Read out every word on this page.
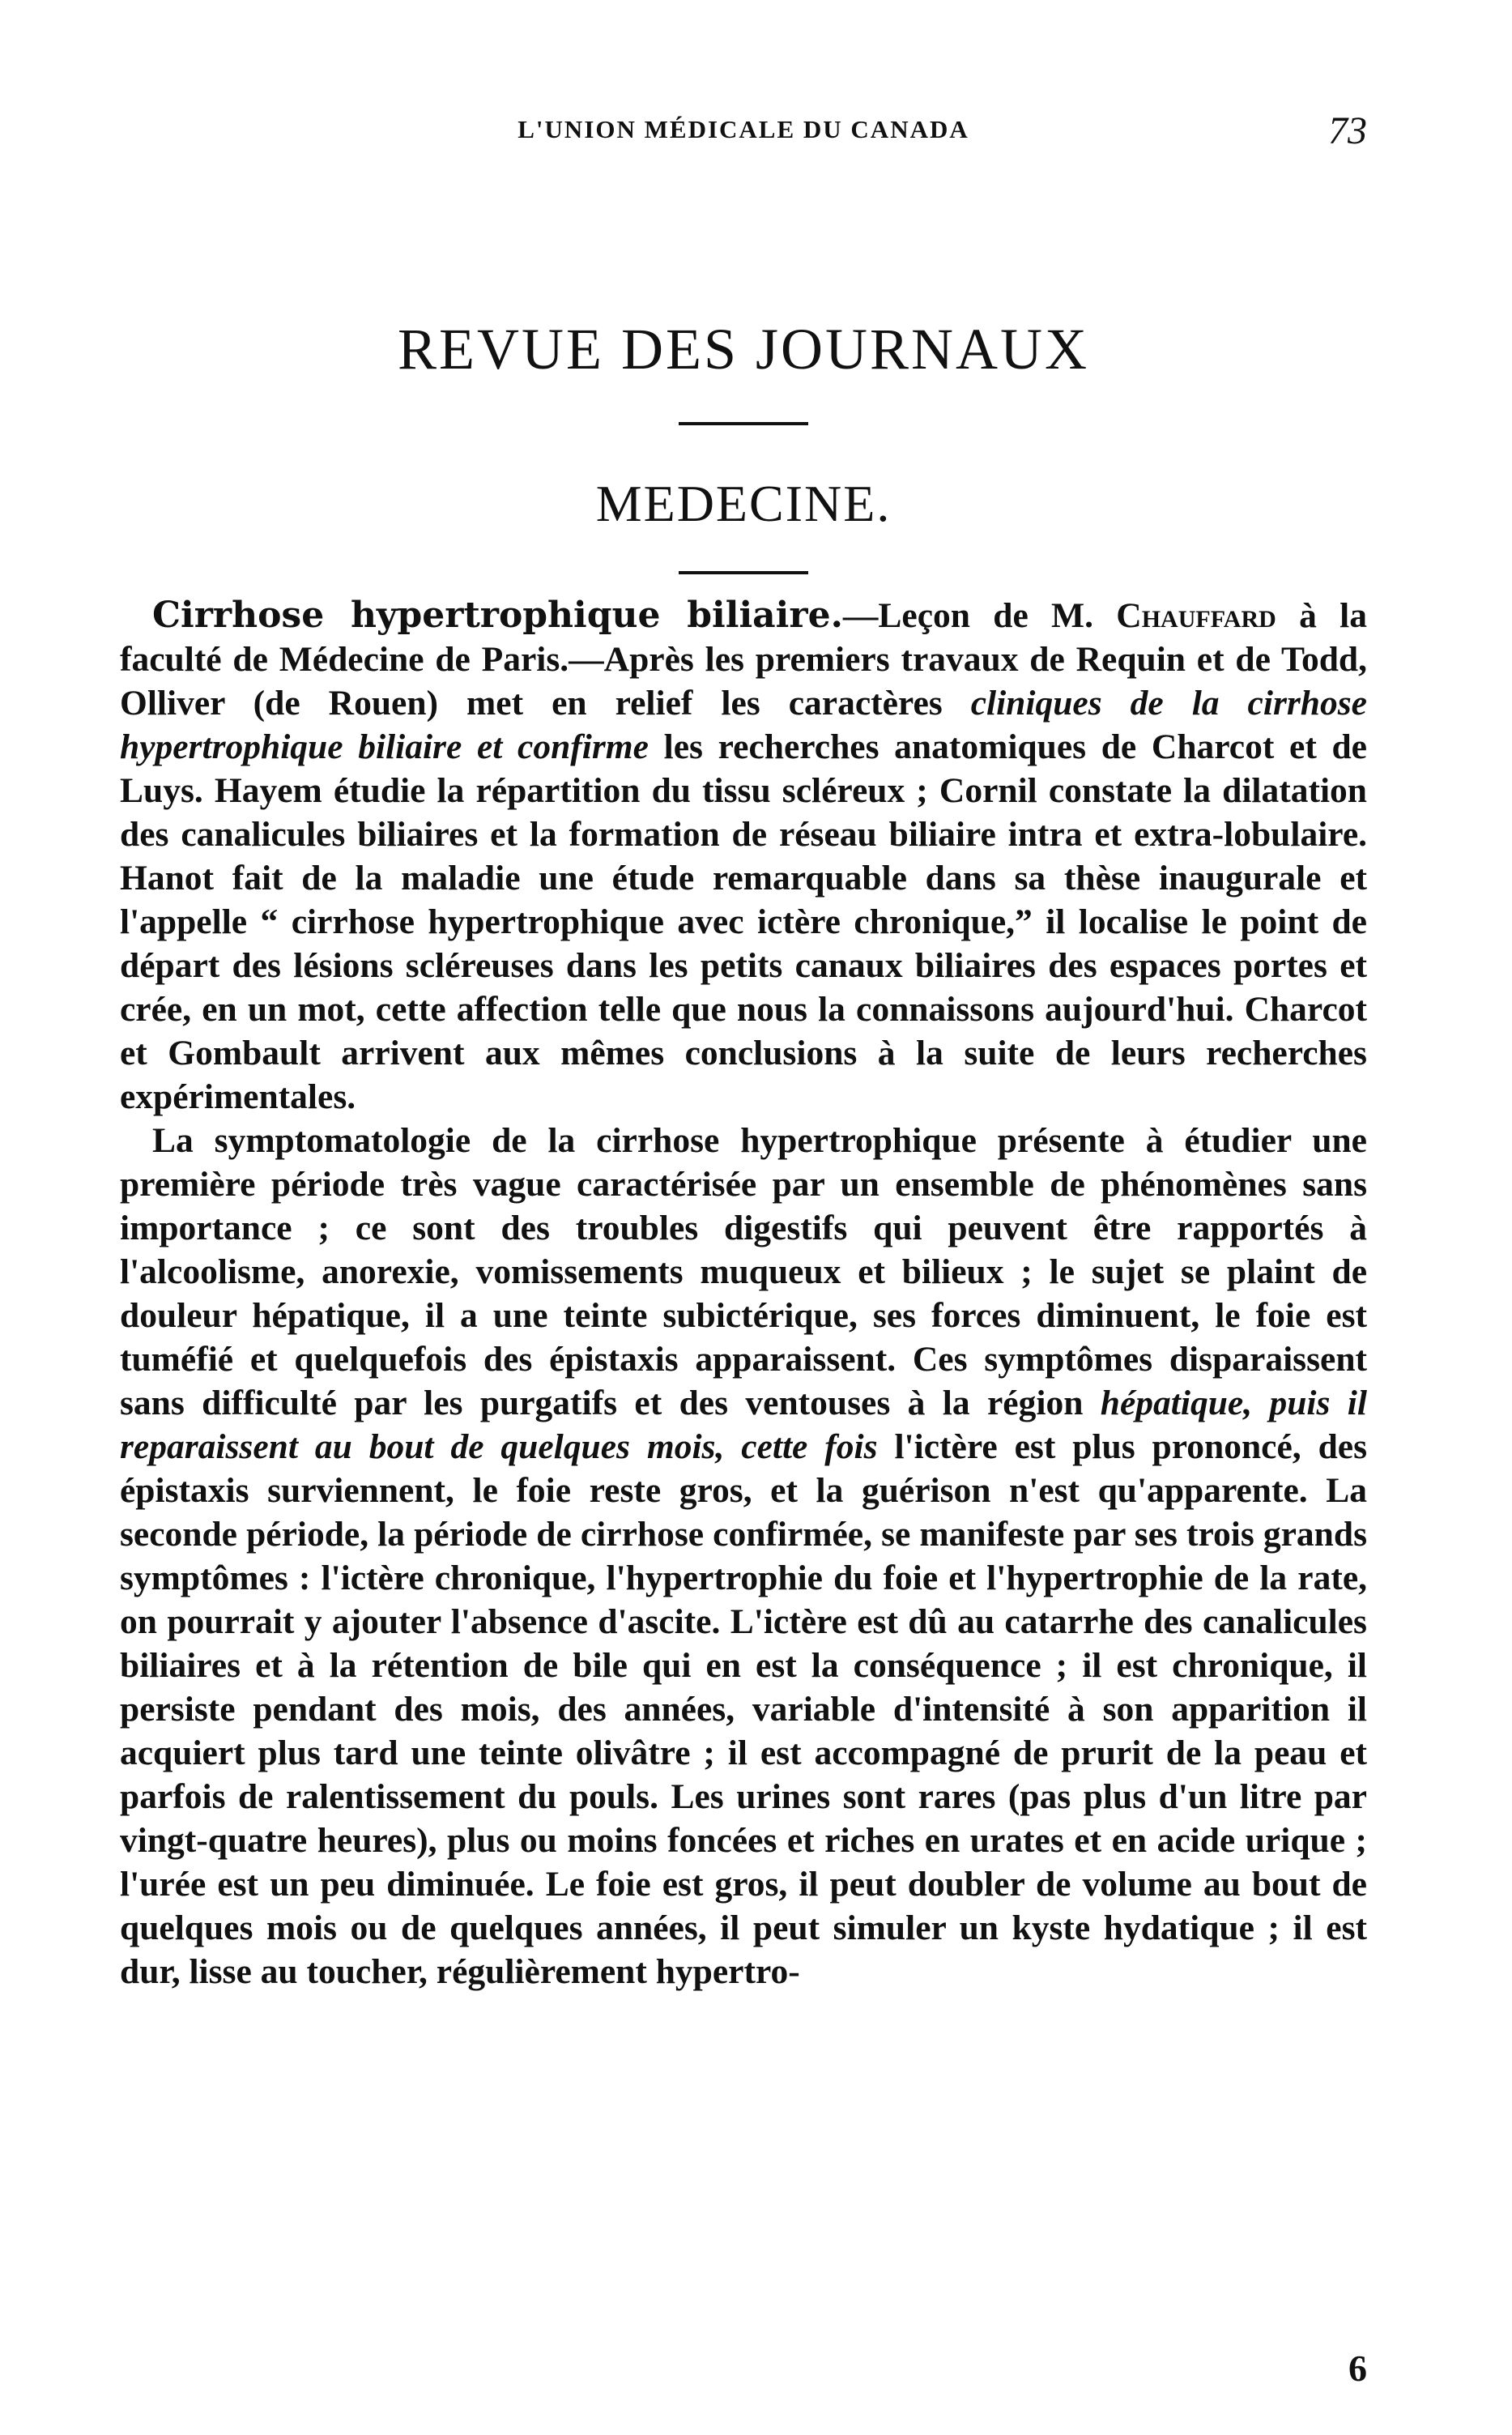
L'UNION MÉDICALE DU CANADA	73
REVUE DES JOURNAUX
MEDECINE.

Cirrhose hypertrophique biliaire.—Leçon de M. Chauffard à la faculté de Médecine de Paris.—Après les premiers travaux de Requin et de Todd, Olliver (de Rouen) met en relief les caractères cliniques de la cirrhose hypertrophique biliaire et confirme les recherches anatomiques de Charcot et de Luys. Hayem étudie la répartition du tissu scléreux ; Cornil constate la dilatation des canalicules biliaires et la formation de réseau biliaire intra et extra-lobulaire. Hanot fait de la maladie une étude remarquable dans sa thèse inaugurale et l'appelle “ cirrhose hypertrophique avec ictère chronique,” il localise le point de départ des lésions scléreuses dans les petits canaux biliaires des espaces portes et crée, en un mot, cette affection telle que nous la connaissons aujourd'hui. Charcot et Gombault arrivent aux mêmes conclusions à la suite de leurs recherches expérimentales.

La symptomatologie de la cirrhose hypertrophique présente à étudier une première période très vague caractérisée par un ensemble de phénomènes sans importance ; ce sont des troubles digestifs qui peuvent être rapportés à l'alcoolisme, anorexie, vomissements muqueux et bilieux ; le sujet se plaint de douleur hépatique, il a une teinte subictérique, ses forces diminuent, le foie est tuméfié et quelquefois des épistaxis apparaissent. Ces symptômes disparaissent sans difficulté par les purgatifs et des ventouses à la région hépatique, puis il reparaissent au bout de quelques mois, cette fois l'ictère est plus prononcé, des épistaxis surviennent, le foie reste gros, et la guérison n'est qu'apparente. La seconde période, la période de cirrhose confirmée, se manifeste par ses trois grands symptômes : l'ictère chronique, l'hypertrophie du foie et l'hypertrophie de la rate, on pourrait y ajouter l'absence d'ascite. L'ictère est dû au catarrhe des canalicules biliaires et à la rétention de bile qui en est la conséquence ; il est chronique, il persiste pendant des mois, des années, variable d'intensité à son apparition il acquiert plus tard une teinte olivâtre ; il est accompagné de prurit de la peau et parfois de ralentissement du pouls. Les urines sont rares (pas plus d'un litre par vingt-quatre heures), plus ou moins foncées et riches en urates et en acide urique ; l'urée est un peu diminuée. Le foie est gros, il peut doubler de volume au bout de quelques mois ou de quelques années, il peut simuler un kyste hydatique ; il est dur, lisse au toucher, régulièrement hypertro-

6
